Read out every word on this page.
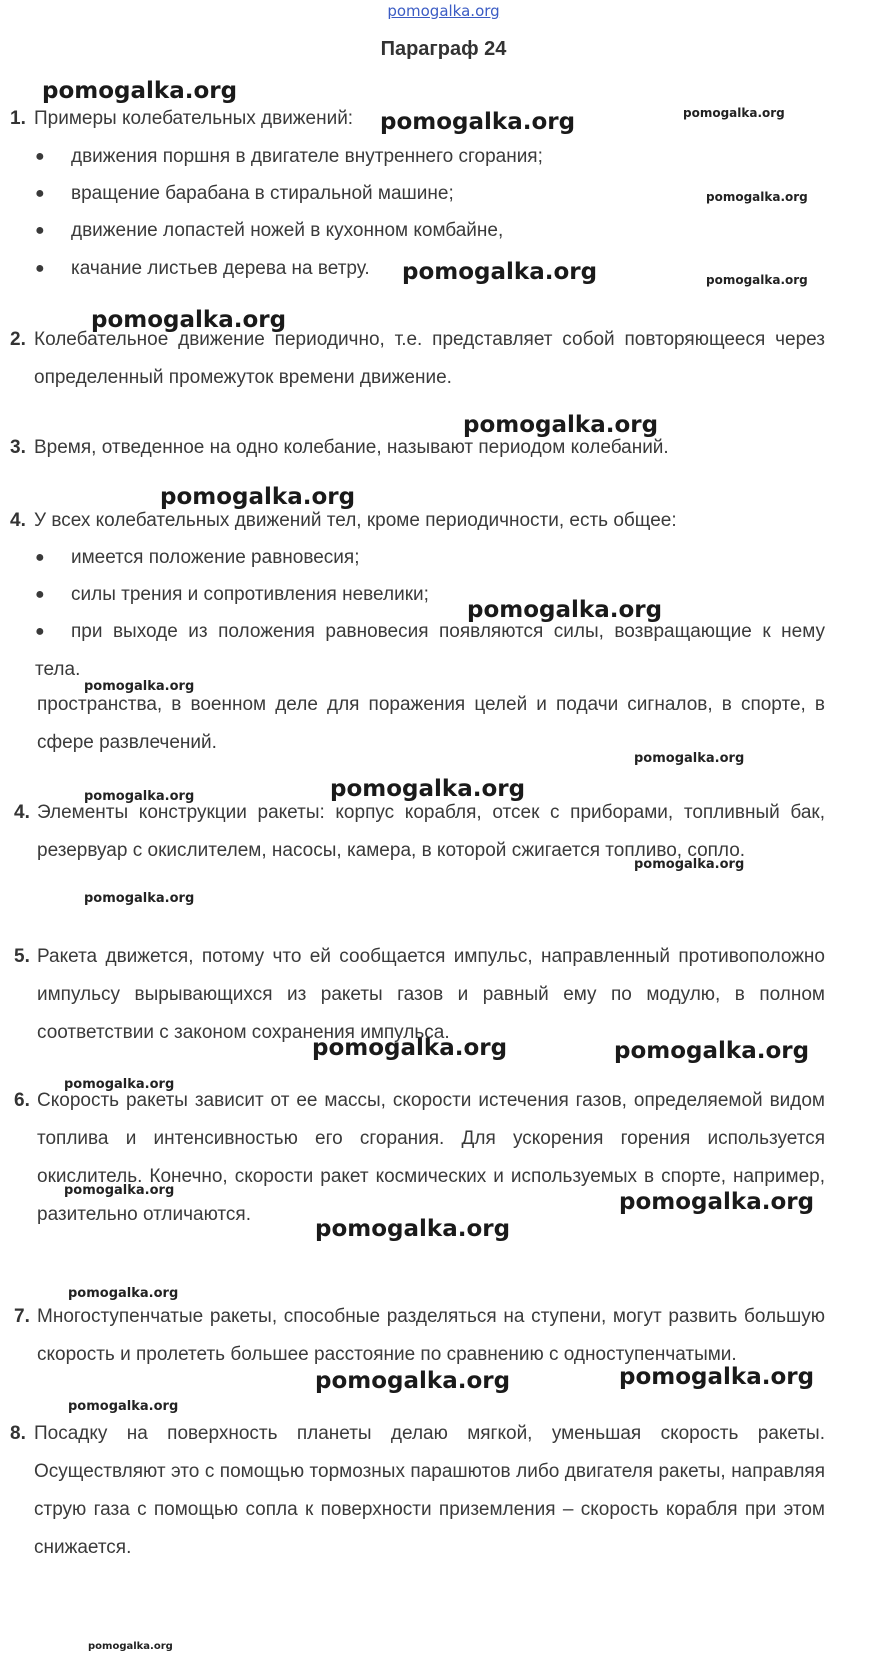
pomogalka.org
Параграф 24
1. Примеры колебательных движений:
● движения поршня в двигателе внутреннего сгорания;
● вращение барабана в стиральной машине;
● движение лопастей ножей в кухонном комбайне,
● качание листьев дерева на ветру.
2. Колебательное движение периодично, т.е. представляет собой повторяющееся через определенный промежуток времени движение.
3. Время, отведенное на одно колебание, называют периодом колебаний.
4. У всех колебательных движений тел, кроме периодичности, есть общее:
● имеется положение равновесия;
● силы трения и сопротивления невелики;
●	при выходе из положения равновесия появляются силы, возвращающие к нему тела.
пространства, в военном деле для поражения целей и подачи сигналов, в спорте, в сфере развлечений.
4. Элементы конструкции ракеты: корпус корабля, отсек с приборами, топливный бак, резервуар с окислителем, насосы, камера, в которой сжигается топливо, сопло.
5. Ракета движется, потому что ей сообщается импульс, направленный противоположно импульсу вырывающихся из ракеты газов и равный ему по модулю, в полном соответствии с законом сохранения импульса.
6. Скорость ракеты зависит от ее массы, скорости истечения газов, определяемой видом топлива и интенсивностью его сгорания. Для ускорения горения используется окислитель. Конечно, скорости ракет космических и используемых в спорте, например, разительно отличаются.
7. Многоступенчатые ракеты, способные разделяться на ступени, могут развить большую скорость и пролететь большее расстояние по сравнению с одноступенчатыми.
8. Посадку на поверхность планеты делаю мягкой, уменьшая скорость ракеты. Осуществляют это с помощью тормозных парашютов либо двигателя ракеты, направляя струю газа с помощью сопла к поверхности приземления – скорость корабля при этом снижается.
pomogalka.org
pomogalka.org	pomogalka.org
pomogalka.org
pomogalka.org	pomogalka.org
pomogalka.org
pomogalka.org
pomogalka.org
pomogalka.org
pomogalka.org
pomogalka.org
pomogalka.org
pomogalka.org
pomogalka.org
pomogalka.org
pomogalka.org	pomogalka.org
pomogalka.org
pomogalka.org	pomogalka.org
pomogalka.org
pomogalka.org
pomogalka.org	pomogalka.org
pomogalka.org
pomogalka.org
